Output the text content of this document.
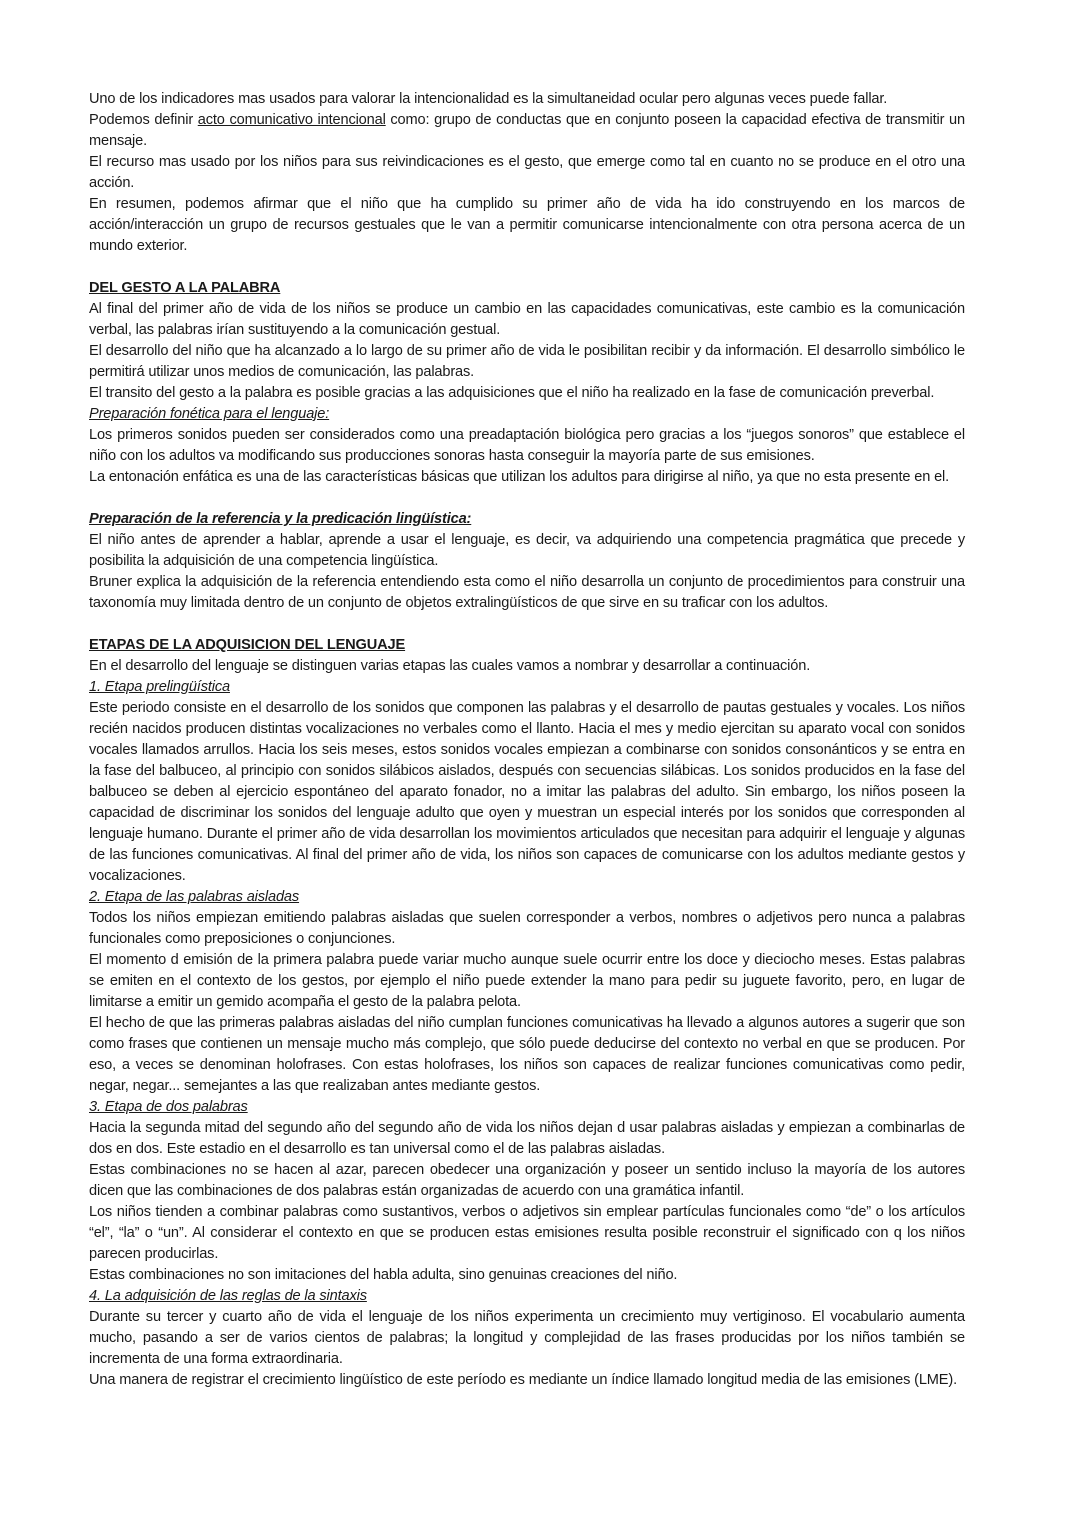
Uno de los indicadores mas usados para valorar la intencionalidad es la simultaneidad ocular pero algunas veces puede fallar.

Podemos definir acto comunicativo intencional como: grupo de conductas que en conjunto poseen la capacidad efectiva de transmitir un mensaje.

El recurso mas usado por los niños para sus reivindicaciones es el gesto, que emerge como tal en cuanto no se produce en el otro una acción.

En resumen, podemos afirmar que el niño que ha cumplido su primer año de vida ha ido construyendo en los marcos de acción/interacción un grupo de recursos gestuales que le van a permitir comunicarse intencionalmente con otra persona acerca de un mundo exterior.

DEL GESTO A LA PALABRA

Al final del primer año de vida de los niños se produce un cambio en las capacidades comunicativas, este cambio es la comunicación verbal, las palabras irían sustituyendo a la comunicación gestual.

El desarrollo del niño que ha alcanzado a lo largo de su primer año de vida le posibilitan recibir y da información. El desarrollo simbólico le permitirá utilizar unos medios de comunicación, las palabras.

El transito del gesto a la palabra es posible gracias a las adquisiciones que el niño ha realizado en la fase de comunicación preverbal.

Preparación fonética para el lenguaje:

Los primeros sonidos pueden ser considerados como una preadaptación biológica pero gracias a los “juegos sonoros” que establece el niño con los adultos va modificando sus producciones sonoras hasta conseguir la mayoría parte de sus emisiones.

La entonación enfática es una de las características básicas que utilizan los adultos para dirigirse al niño, ya que no esta presente en el.

Preparación de la referencia y la predicación lingüística:

El niño antes de aprender a hablar, aprende a usar el lenguaje, es decir, va adquiriendo una competencia pragmática que precede y posibilita la adquisición de una competencia lingüística.

Bruner explica la adquisición de la referencia entendiendo esta como el niño desarrolla un conjunto de procedimientos para construir una taxonomía muy limitada dentro de un conjunto de objetos extralingüísticos de que sirve en su traficar con los adultos.

ETAPAS DE LA ADQUISICION DEL LENGUAJE

En el desarrollo del lenguaje se distinguen varias etapas las cuales vamos a nombrar y desarrollar a continuación.

1. Etapa prelingüística

Este periodo consiste en el desarrollo de los sonidos que componen las palabras y el desarrollo de pautas gestuales y vocales. Los niños recién nacidos producen distintas vocalizaciones no verbales como el llanto. Hacia el mes y medio ejercitan su aparato vocal con sonidos vocales llamados arrullos. Hacia los seis meses, estos sonidos vocales empiezan a combinarse con sonidos consonánticos y se entra en la fase del balbuceo, al principio con sonidos silábicos aislados, después con secuencias silábicas. Los sonidos producidos en la fase del balbuceo se deben al ejercicio espontáneo del aparato fonador, no a imitar las palabras del adulto. Sin embargo, los niños poseen la capacidad de discriminar los sonidos del lenguaje adulto que oyen y muestran un especial interés por los sonidos que corresponden al lenguaje humano. Durante el primer año de vida desarrollan los movimientos articulados que necesitan para adquirir el lenguaje y algunas de las funciones comunicativas. Al final del primer año de vida, los niños son capaces de comunicarse con los adultos mediante gestos y vocalizaciones.

2. Etapa de las palabras aisladas

Todos los niños empiezan emitiendo palabras aisladas que suelen corresponder a verbos, nombres o adjetivos pero nunca a palabras funcionales como preposiciones o conjunciones.

El momento d emisión de la primera palabra puede variar mucho aunque suele ocurrir entre los doce y dieciocho meses. Estas palabras se emiten en el contexto de los gestos, por ejemplo el niño puede extender la mano para pedir su juguete favorito, pero, en lugar de limitarse a emitir un gemido acompaña el gesto de la palabra pelota.

El hecho de que las primeras palabras aisladas del niño cumplan funciones comunicativas ha llevado a algunos autores a sugerir que son como frases que contienen un mensaje mucho más complejo, que sólo puede deducirse del contexto no verbal en que se producen. Por eso, a veces se denominan holofrases. Con estas holofrases, los niños son capaces de realizar funciones comunicativas como pedir, negar, negar... semejantes a las que realizaban antes mediante gestos.

3. Etapa de dos palabras

Hacia la segunda mitad del segundo año del segundo año de vida los niños dejan d usar palabras aisladas y empiezan a combinarlas de dos en dos. Este estadio en el desarrollo es tan universal como el de las palabras aisladas.

Estas combinaciones no se hacen al azar, parecen obedecer una organización y poseer un sentido incluso la mayoría de los autores dicen que las combinaciones de dos palabras están organizadas de acuerdo con una gramática infantil.

Los niños tienden a combinar palabras como sustantivos, verbos o adjetivos sin emplear partículas funcionales como “de” o los artículos “el”, “la” o “un”. Al considerar el contexto en que se producen estas emisiones resulta posible reconstruir el significado con q los niños parecen producirlas.

Estas combinaciones no son imitaciones del habla adulta, sino genuinas creaciones del niño.

4. La adquisición de las reglas de la sintaxis

Durante su tercer y cuarto año de vida el lenguaje de los niños experimenta un crecimiento muy vertiginoso. El vocabulario aumenta mucho, pasando a ser de varios cientos de palabras; la longitud y complejidad de las frases producidas por los niños también se incrementa de una forma extraordinaria.

Una manera de registrar el crecimiento lingüístico de este período es mediante un índice llamado longitud media de las emisiones (LME).
